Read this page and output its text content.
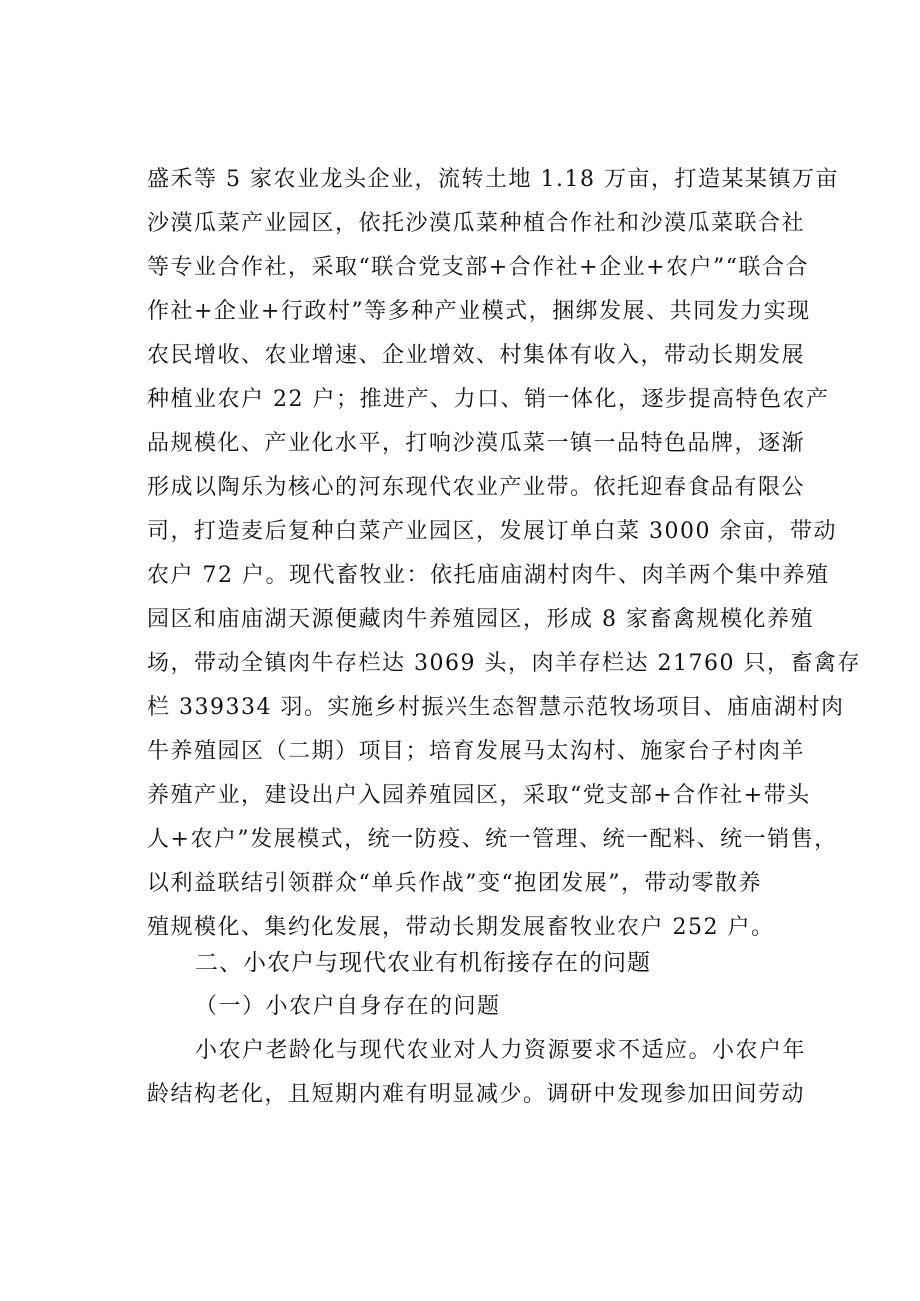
盛禾等 5 家农业龙头企业，流转土地 1.18 万亩，打造某某镇万亩
沙漠瓜菜产业园区，依托沙漠瓜菜种植合作社和沙漠瓜菜联合社
等专业合作社，采取“联合党支部+合作社+企业+农户”“联合合
作社+企业+行政村”等多种产业模式，捆绑发展、共同发力实现
农民增收、农业增速、企业增效、村集体有收入，带动长期发展
种植业农户 22 户；推进产、力口、销一体化，逐步提高特色农产
品规模化、产业化水平，打响沙漠瓜菜一镇一品特色品牌，逐渐
形成以陶乐为核心的河东现代农业产业带。依托迎春食品有限公
司，打造麦后复种白菜产业园区，发展订单白菜 3000 余亩，带动
农户 72 户。现代畜牧业：依托庙庙湖村肉牛、肉羊两个集中养殖
园区和庙庙湖天源便藏肉牛养殖园区，形成 8 家畜禽规模化养殖
场，带动全镇肉牛存栏达 3069 头，肉羊存栏达 21760 只，畜禽存
栏 339334 羽。实施乡村振兴生态智慧示范牧场项目、庙庙湖村肉
牛养殖园区（二期）项目；培育发展马太沟村、施家台子村肉羊
养殖产业，建设出户入园养殖园区，采取“党支部+合作社+带头
人+农户”发展模式，统一防疫、统一管理、统一配料、统一销售，
以利益联结引领群众“单兵作战”变“抱团发展”，带动零散养
殖规模化、集约化发展，带动长期发展畜牧业农户 252 户。
二、小农户与现代农业有机衔接存在的问题
（一）小农户自身存在的问题
小农户老龄化与现代农业对人力资源要求不适应。小农户年
龄结构老化，且短期内难有明显减少。调研中发现参加田间劳动
